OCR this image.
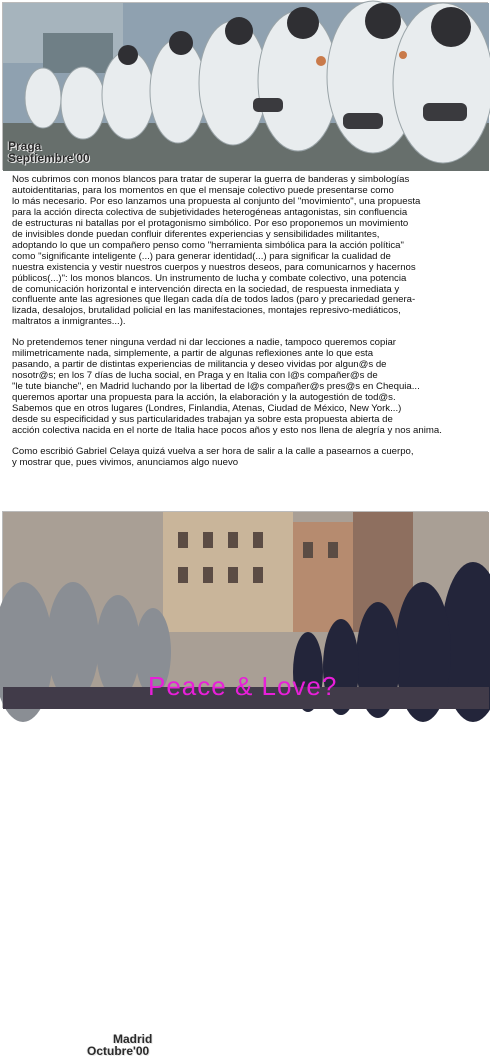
Praga
Septiembre'00

Nos cubrimos con monos blancos para tratar de superar la guerra de banderas y simbologías
autoidentitarias, para los momentos en que el mensaje colectivo puede presentarse como
lo más necesario. Por eso lanzamos una propuesta al conjunto del "movimiento", una propuesta
para la acción directa colectiva de subjetividades heterogéneas antagonistas, sin confluencia
de estructuras ni batallas por el protagonismo simbólico. Por eso proponemos un movimiento
de invisibles donde puedan confluir diferentes experiencias y sensibilidades militantes,
adoptando lo que un compañero penso como "herramienta simbólica para la acción política"
como "significante inteligente (...) para generar identidad(...) para significar la cualidad de
nuestra existencia y vestir nuestros cuerpos y nuestros deseos, para comunicarnos y hacernos
públicos(...)": los monos blancos. Un instrumento de lucha y combate colectivo, una potencia
de comunicación horizontal e intervención directa en la sociedad, de respuesta inmediata y
confluente ante las agresiones que llegan cada día de todos lados (paro y precariedad genera-
lizada, desalojos, brutalidad policial en las manifestaciones, montajes represivo-mediáticos,
maltratos a inmigrantes...).

No pretendemos tener ninguna verdad ni dar lecciones a nadie, tampoco queremos copiar
milimetricamente nada, simplemente, a partir de algunas reflexiones ante lo que esta
pasando, a partir de distintas experiencias de militancia y deseo vividas por algun@s de
nosotr@s; en los 7 días de lucha social, en Praga y en Italia con l@s compañer@s de
"le tute bianche", en Madrid luchando por la libertad de l@s compañer@s pres@s en Chequia...
queremos aportar una propuesta para la acción, la elaboración y la autogestión de tod@s.
Sabemos que en otros lugares (Londres, Finlandia, Atenas, Ciudad de México, New York...)
desde su especificidad y sus particularidades trabajan ya sobre esta propuesta abierta de
acción colectiva nacida en el norte de Italia hace pocos años y esto nos llena de alegría y nos anima.

Como escribió Gabriel Celaya quizá vuelva a ser hora de salir a la calle a pasearnos a cuerpo,
y mostrar que, pues vivimos, anunciamos algo nuevo

Madrid
Octubre'00
Peace & Love?
